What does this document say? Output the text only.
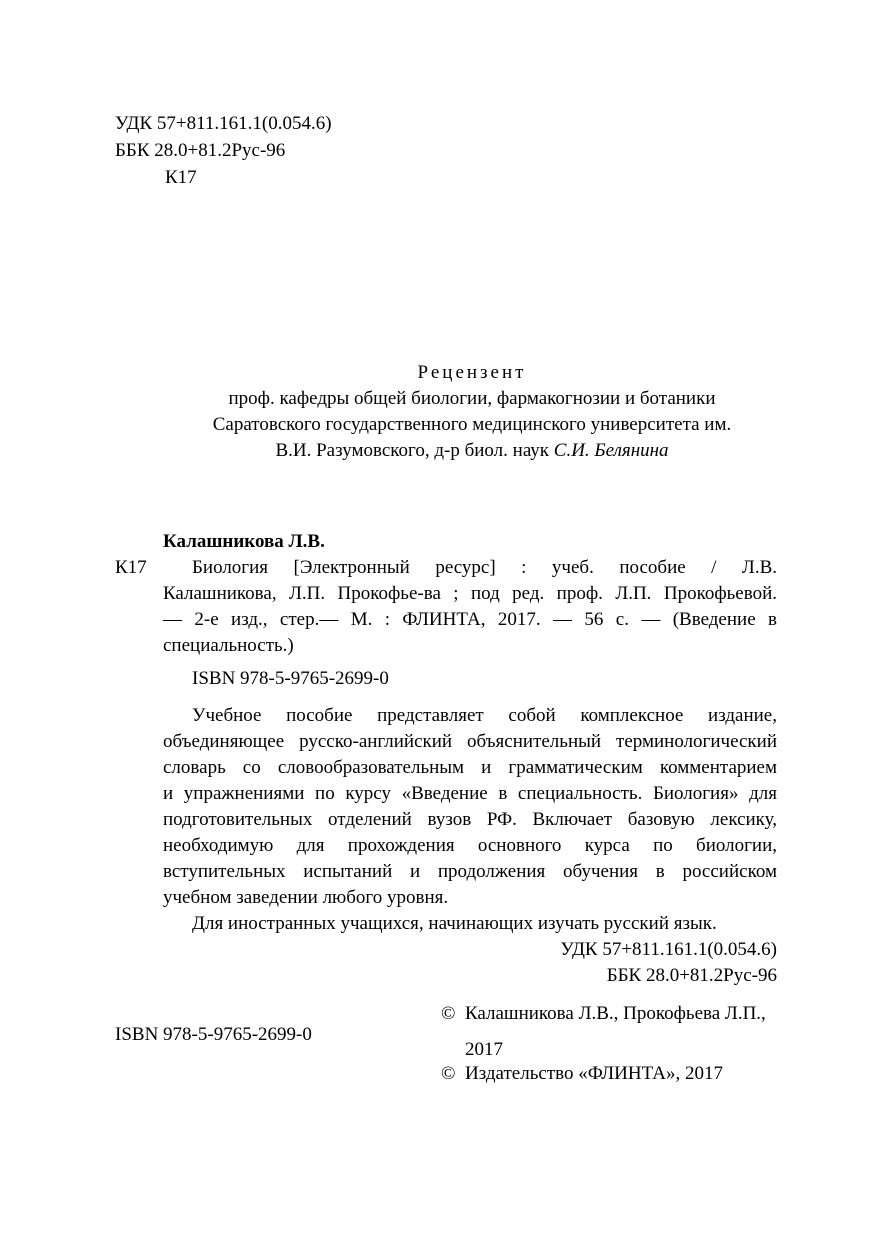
УДК 57+811.161.1(0.054.6)
ББК 28.0+81.2Рус-96
К17
Рецензент
проф. кафедры общей биологии, фармакогнозии и ботаники
Саратовского государственного медицинского университета им.
В.И. Разумовского, д-р биол. наук С.И. Белянина
Калашникова Л.В.
К17 Биология [Электронный ресурс] : учеб. пособие / Л.В.
Калашникова, Л.П. Прокофье-ва ; под ред. проф. Л.П. Прокофьевой.
— 2-е изд., стер.— М. : ФЛИНТА, 2017. — 56 с. — (Введение в
специальность.)
ISBN 978-5-9765-2699-0
Учебное пособие представляет собой комплексное издание,
объединяющее русско-английский объяснительный терминологический
словарь со словообразовательным и грамматическим комментарием
и упражнениями по курсу «Введение в специальность. Биология» для
подготовительных отделений вузов РФ. Включает базовую лексику,
необходимую для прохождения основного курса по биологии,
вступительных испытаний и продолжения обучения в российском
учебном заведении любого уровня.
Для иностранных учащихся, начинающих изучать русский язык.
УДК 57+811.161.1(0.054.6)
ББК 28.0+81.2Рус-96
ISBN 978-5-9765-2699-0
© Калашникова Л.В., Прокофьева Л.П.,
2017
© Издательство «ФЛИНТА», 2017
